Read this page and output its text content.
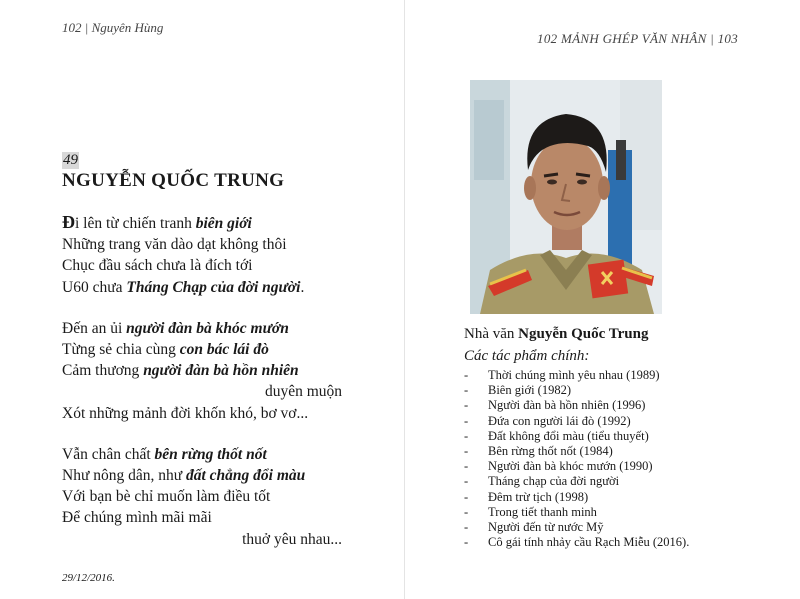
102 | Nguyên Hùng
49
NGUYỄN QUỐC TRUNG
Đi lên từ chiến tranh biên giới
Những trang văn dào dạt không thôi
Chục đầu sách chưa là đích tới
U60 chưa Tháng Chạp của đời người.
Đến an ủi người đàn bà khóc mướn
Từng sẻ chia cùng con bác lái đò
Cảm thương người đàn bà hồn nhiên
duyên muộn
Xót những mảnh đời khốn khó, bơ vơ...
Vẫn chân chất bên rừng thốt nốt
Như nông dân, như đất chẳng đổi màu
Với bạn bè chỉ muốn làm điều tốt
Để chúng mình mãi mãi
thuở yêu nhau...
29/12/2016.
102 MẢNH GHÉP VĂN NHÂN | 103
Nhà văn Nguyễn Quốc Trung
Các tác phẩm chính:
- Thời chúng mình yêu nhau (1989)
- Biên giới (1982)
- Người đàn bà hồn nhiên (1996)
- Đứa con người lái đò (1992)
- Đất không đổi màu (tiểu thuyết)
- Bên rừng thốt nốt (1984)
- Người đàn bà khóc mướn (1990)
- Tháng chạp của đời người
- Đêm trừ tịch (1998)
- Trong tiết thanh minh
- Người đến từ nước Mỹ
- Cô gái tính nhảy cầu Rạch Miễu (2016).
